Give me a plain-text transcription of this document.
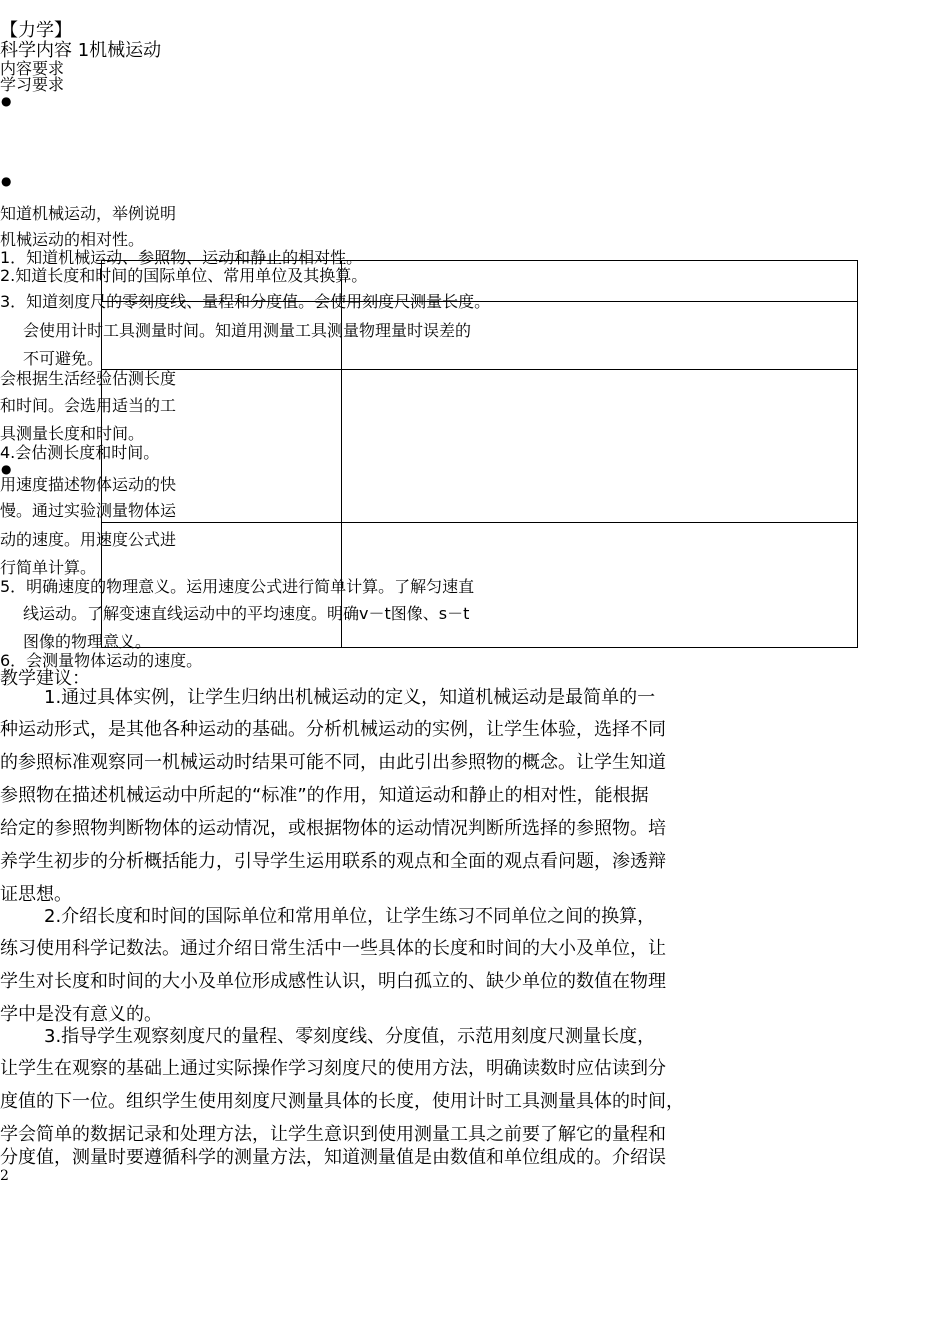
【力学】
科学内容 1机械运动
内容要求
学习要求
●
●
知道机械运动，举例说明
机械运动的相对性。
1．知道机械运动、参照物、运动和静止的相对性。
2.知道长度和时间的国际单位、常用单位及其换算。
3．知道刻度尺的零刻度线、量程和分度值。会使用刻度尺测量长度。
会使用计时工具测量时间。知道用测量工具测量物理量时误差的
不可避免。
会根据生活经验估测长度
和时间。会选用适当的工
具测量长度和时间。
4.会估测长度和时间。
●
用速度描述物体运动的快
慢。通过实验测量物体运
动的速度。用速度公式进
行简单计算。
5．明确速度的物理意义。运用速度公式进行简单计算。了解匀速直
线运动。了解变速直线运动中的平均速度。明确v－t图像、s－t
图像的物理意义。
6．会测量物体运动的速度。
教学建议：
1.通过具体实例，让学生归纳出机械运动的定义，知道机械运动是最简单的一
种运动形式，是其他各种运动的基础。分析机械运动的实例，让学生体验，选择不同
的参照标准观察同一机械运动时结果可能不同，由此引出参照物的概念。让学生知道
参照物在描述机械运动中所起的“标准”的作用，知道运动和静止的相对性，能根据
给定的参照物判断物体的运动情况，或根据物体的运动情况判断所选择的参照物。培
养学生初步的分析概括能力，引导学生运用联系的观点和全面的观点看问题，渗透辩
证思想。
2.介绍长度和时间的国际单位和常用单位，让学生练习不同单位之间的换算，
练习使用科学记数法。通过介绍日常生活中一些具体的长度和时间的大小及单位，让
学生对长度和时间的大小及单位形成感性认识，明白孤立的、缺少单位的数值在物理
学中是没有意义的。
3.指导学生观察刻度尺的量程、零刻度线、分度值，示范用刻度尺测量长度，
让学生在观察的基础上通过实际操作学习刻度尺的使用方法，明确读数时应估读到分
度值的下一位。组织学生使用刻度尺测量具体的长度，使用计时工具测量具体的时间，
学会简单的数据记录和处理方法，让学生意识到使用测量工具之前要了解它的量程和
分度值，测量时要遵循科学的测量方法，知道测量值是由数值和单位组成的。介绍误
2
